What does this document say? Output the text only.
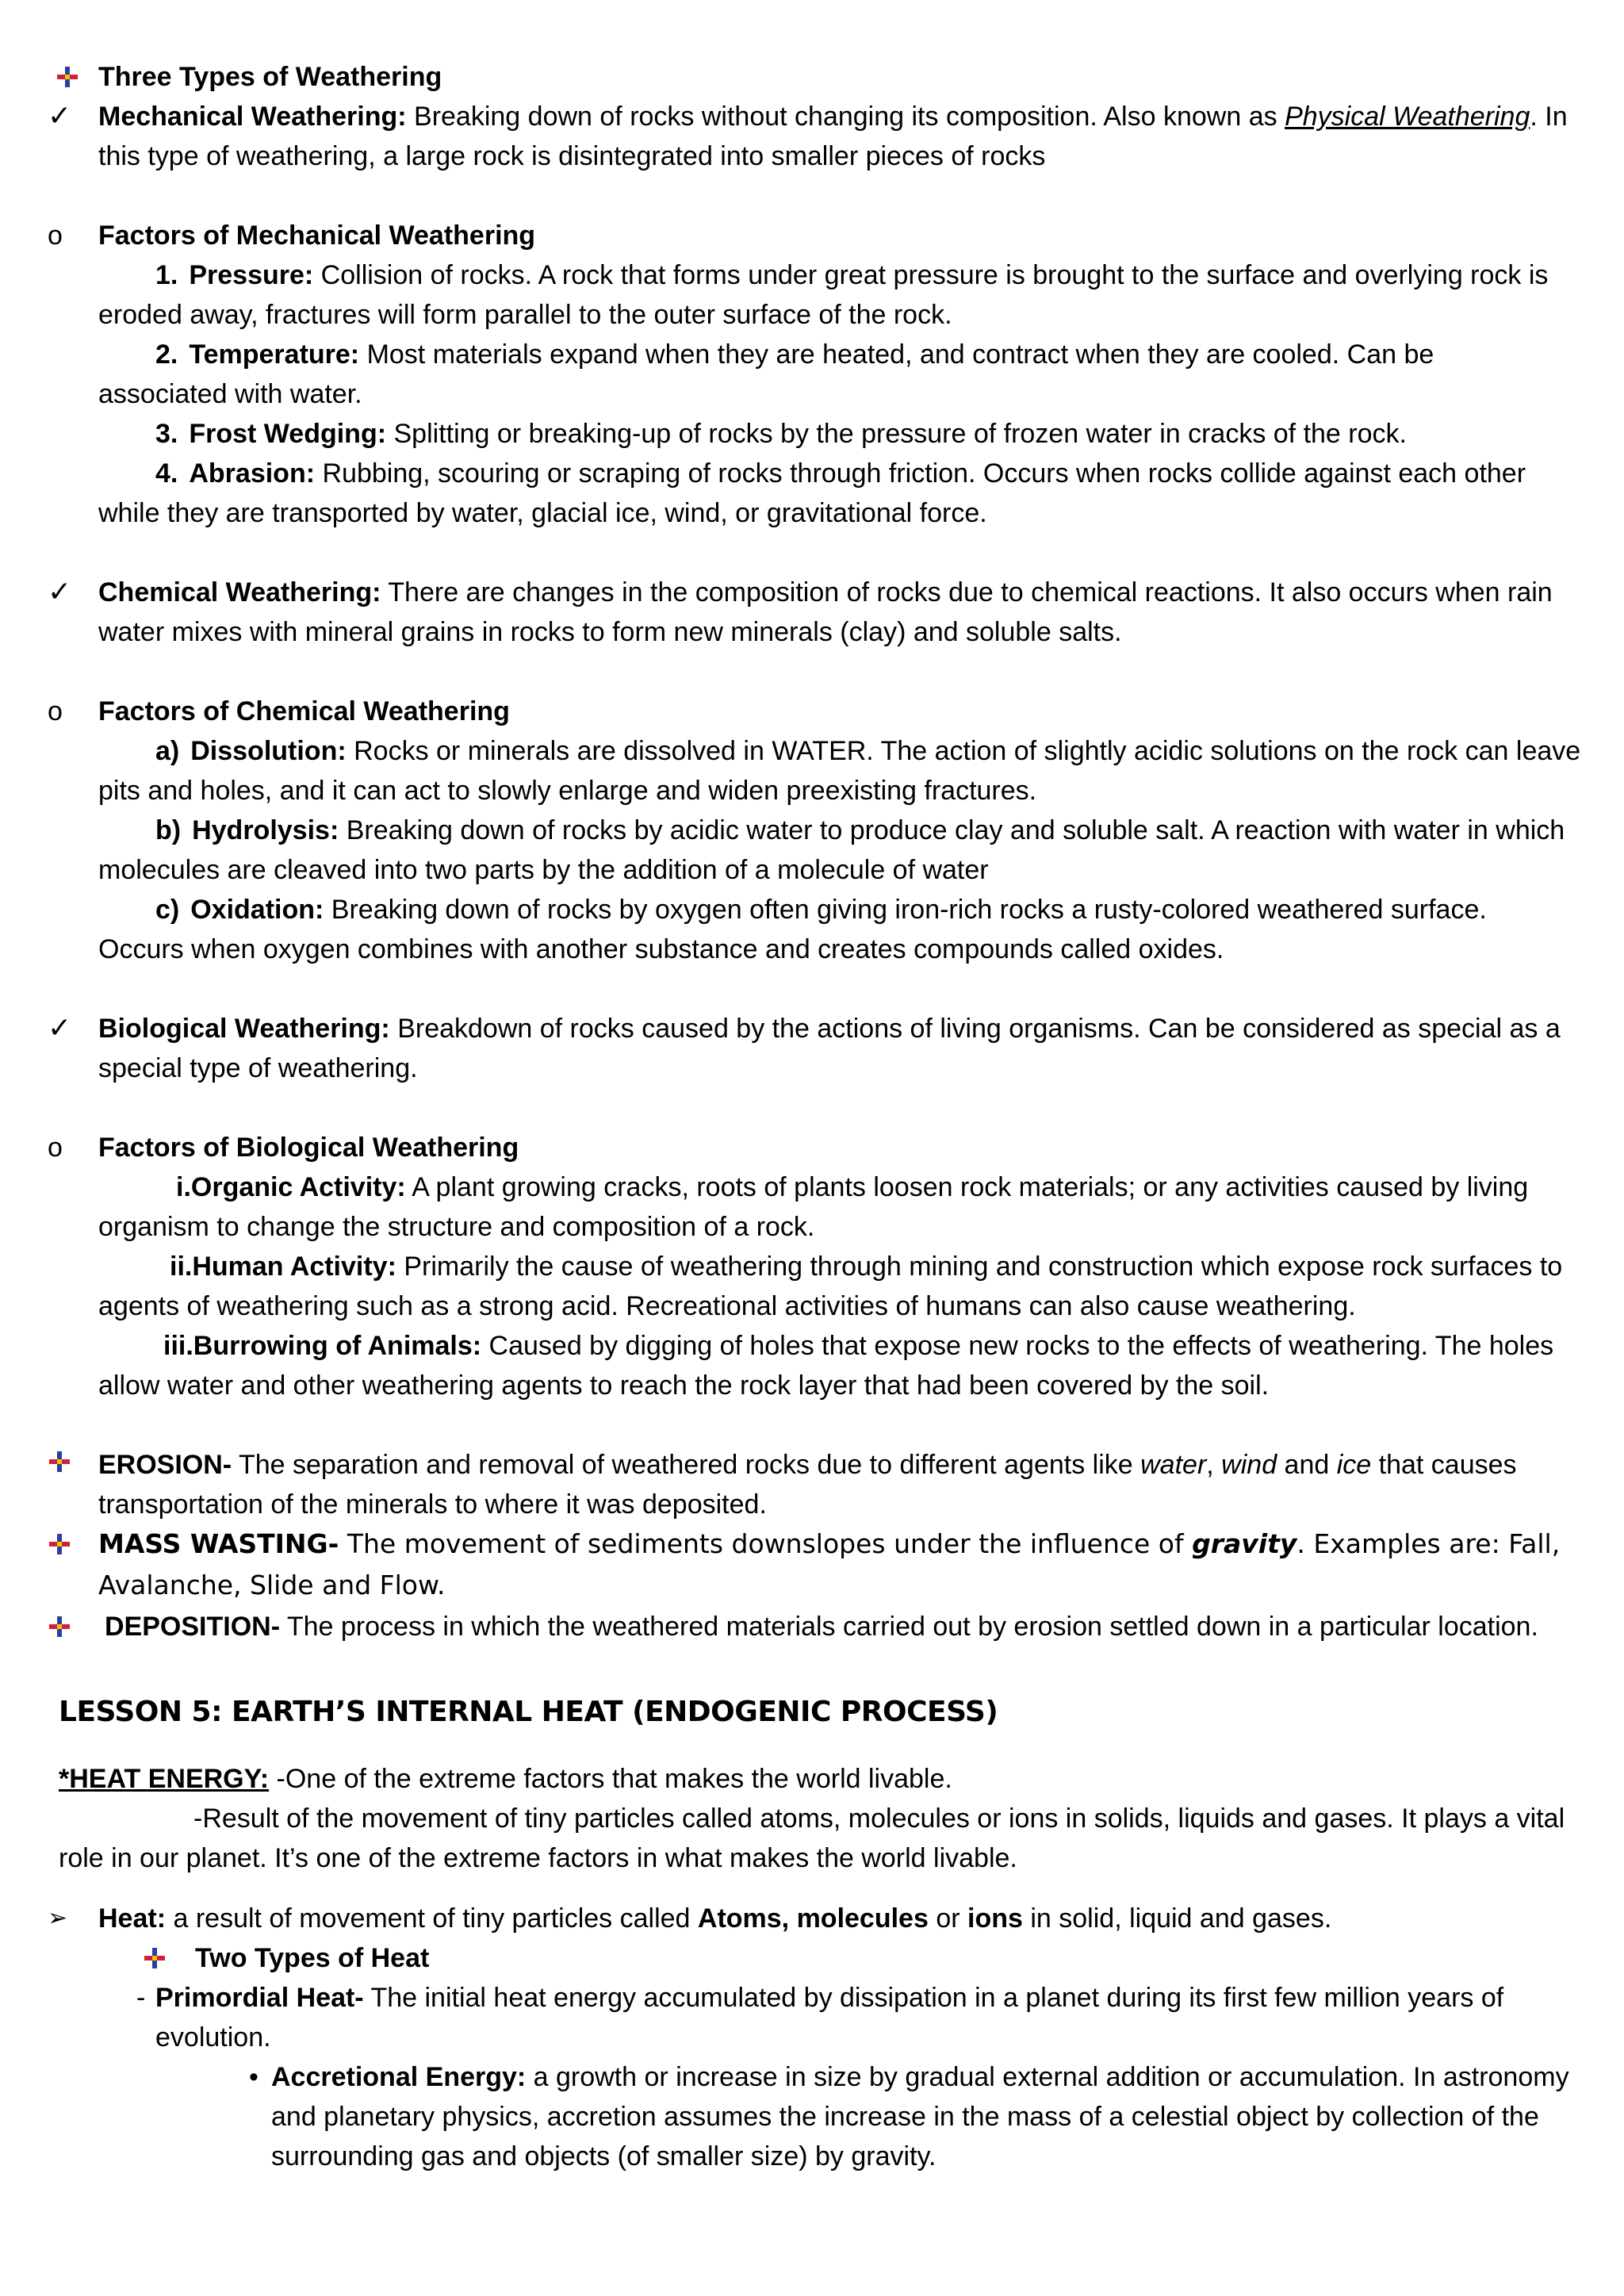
Three Types of Weathering
✓ Mechanical Weathering: Breaking down of rocks without changing its composition. Also known as Physical Weathering. In
this type of weathering, a large rock is disintegrated into smaller pieces of rocks
o Factors of Mechanical Weathering
1. Pressure: Collision of rocks. A rock that forms under great pressure is brought to the surface and overlying rock is
eroded away, fractures will form parallel to the outer surface of the rock.
2. Temperature: Most materials expand when they are heated, and contract when they are cooled. Can be
associated with water.
3. Frost Wedging: Splitting or breaking-up of rocks by the pressure of frozen water in cracks of the rock.
4. Abrasion: Rubbing, scouring or scraping of rocks through friction. Occurs when rocks collide against each other
while they are transported by water, glacial ice, wind, or gravitational force.
✓ Chemical Weathering: There are changes in the composition of rocks due to chemical reactions. It also occurs when rain
water mixes with mineral grains in rocks to form new minerals (clay) and soluble salts.
o Factors of Chemical Weathering
a) Dissolution: Rocks or minerals are dissolved in WATER. The action of slightly acidic solutions on the rock can leave
pits and holes, and it can act to slowly enlarge and widen preexisting fractures.
b) Hydrolysis: Breaking down of rocks by acidic water to produce clay and soluble salt. A reaction with water in which
molecules are cleaved into two parts by the addition of a molecule of water
c) Oxidation: Breaking down of rocks by oxygen often giving iron-rich rocks a rusty-colored weathered surface.
Occurs when oxygen combines with another substance and creates compounds called oxides.
✓ Biological Weathering: Breakdown of rocks caused by the actions of living organisms. Can be considered as special as a
special type of weathering.
o Factors of Biological Weathering
i.Organic Activity: A plant growing cracks, roots of plants loosen rock materials; or any activities caused by living
organism to change the structure and composition of a rock.
ii.Human Activity: Primarily the cause of weathering through mining and construction which expose rock surfaces to
agents of weathering such as a strong acid. Recreational activities of humans can also cause weathering.
iii.Burrowing of Animals: Caused by digging of holes that expose new rocks to the effects of weathering. The holes
allow water and other weathering agents to reach the rock layer that had been covered by the soil.
EROSION- The separation and removal of weathered rocks due to different agents like water, wind and ice that causes
transportation of the minerals to where it was deposited.
MASS WASTING- The movement of sediments downslopes under the influence of gravity. Examples are: Fall,
Avalanche, Slide and Flow.
DEPOSITION- The process in which the weathered materials carried out by erosion settled down in a particular location.
LESSON 5: EARTH’S INTERNAL HEAT (ENDOGENIC PROCESS)
*HEAT ENERGY: -One of the extreme factors that makes the world livable.
-Result of the movement of tiny particles called atoms, molecules or ions in solids, liquids and gases. It plays a vital
role in our planet. It’s one of the extreme factors in what makes the world livable.
➢ Heat: a result of movement of tiny particles called Atoms, molecules or ions in solid, liquid and gases.
Two Types of Heat
- Primordial Heat- The initial heat energy accumulated by dissipation in a planet during its first few million years of
evolution.
• Accretional Energy: a growth or increase in size by gradual external addition or accumulation. In astronomy
and planetary physics, accretion assumes the increase in the mass of a celestial object by collection of the
surrounding gas and objects (of smaller size) by gravity.
